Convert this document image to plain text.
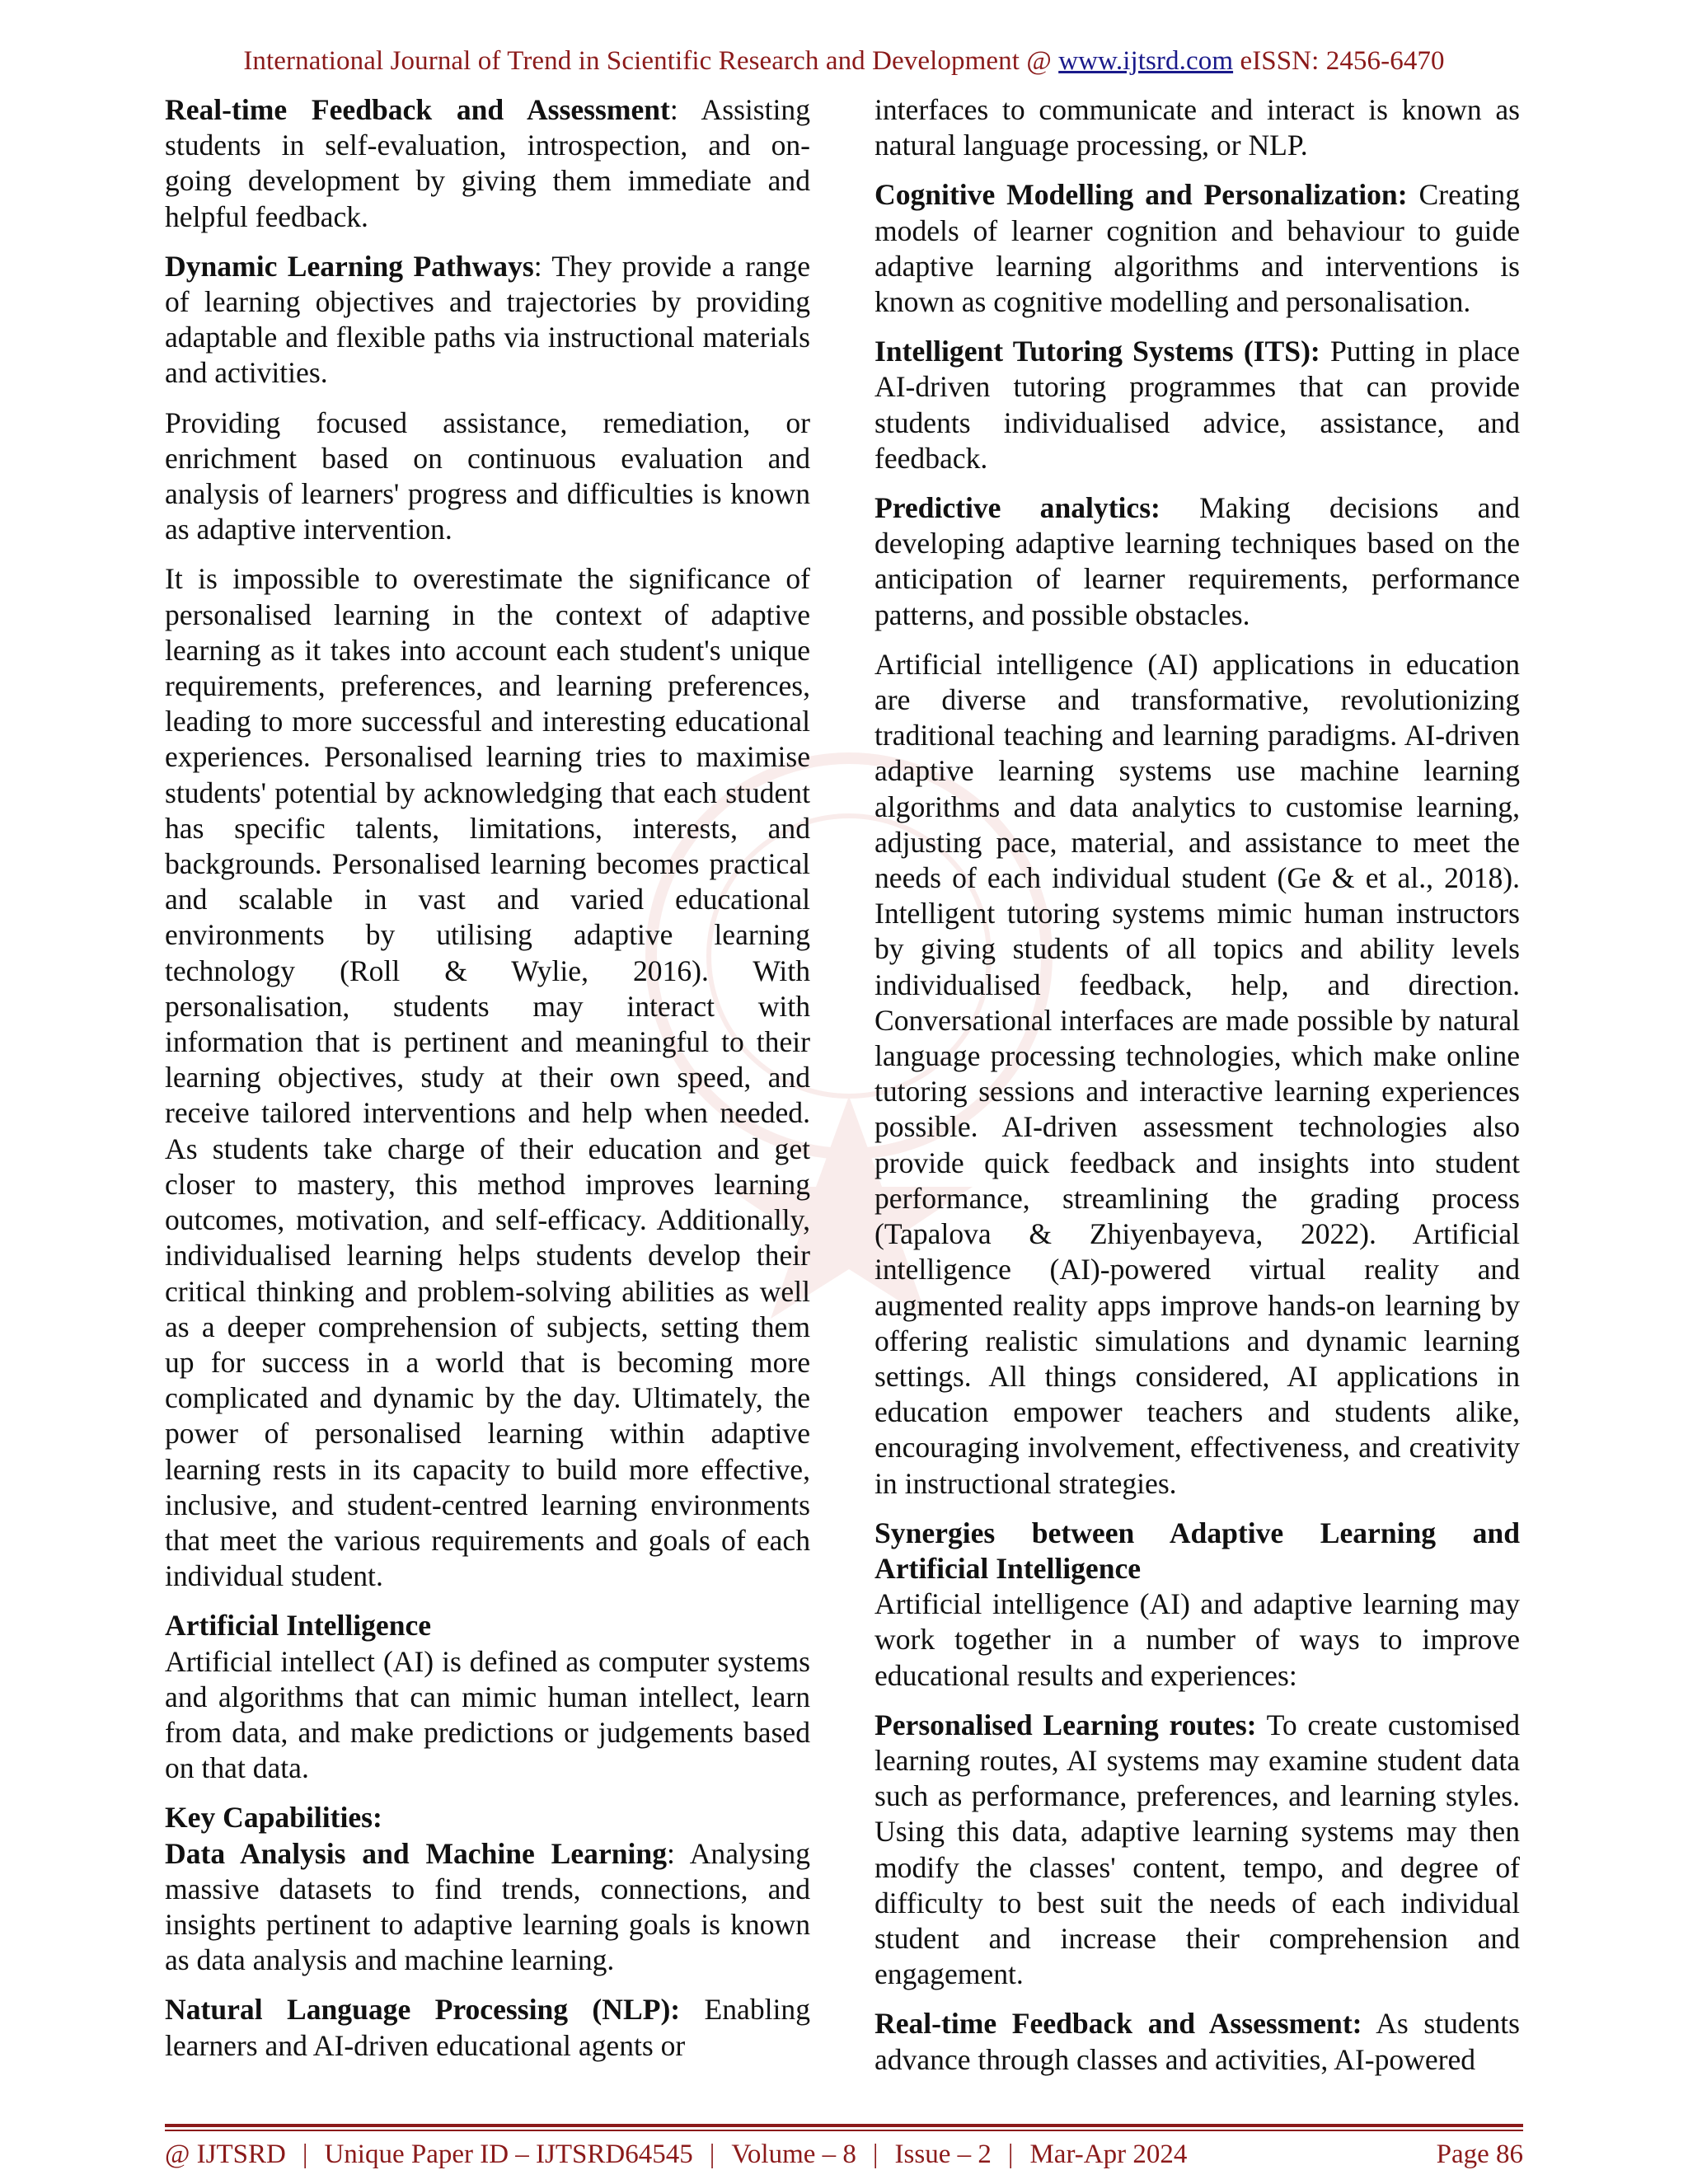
International Journal of Trend in Scientific Research and Development @ www.ijtsrd.com eISSN: 2456-6470

Real-time Feedback and Assessment: Assisting students in self-evaluation, introspection, and on-going development by giving them immediate and helpful feedback.

Dynamic Learning Pathways: They provide a range of learning objectives and trajectories by providing adaptable and flexible paths via instructional materials and activities.

Providing focused assistance, remediation, or enrichment based on continuous evaluation and analysis of learners' progress and difficulties is known as adaptive intervention.

It is impossible to overestimate the significance of personalised learning in the context of adaptive learning as it takes into account each student's unique requirements, preferences, and learning preferences, leading to more successful and interesting educational experiences. Personalised learning tries to maximise students' potential by acknowledging that each student has specific talents, limitations, interests, and backgrounds. Personalised learning becomes practical and scalable in vast and varied educational environments by utilising adaptive learning technology (Roll & Wylie, 2016). With personalisation, students may interact with information that is pertinent and meaningful to their learning objectives, study at their own speed, and receive tailored interventions and help when needed. As students take charge of their education and get closer to mastery, this method improves learning outcomes, motivation, and self-efficacy. Additionally, individualised learning helps students develop their critical thinking and problem-solving abilities as well as a deeper comprehension of subjects, setting them up for success in a world that is becoming more complicated and dynamic by the day. Ultimately, the power of personalised learning within adaptive learning rests in its capacity to build more effective, inclusive, and student-centred learning environments that meet the various requirements and goals of each individual student.

Artificial Intelligence

Artificial intellect (AI) is defined as computer systems and algorithms that can mimic human intellect, learn from data, and make predictions or judgements based on that data.

Key Capabilities:

Data Analysis and Machine Learning: Analysing massive datasets to find trends, connections, and insights pertinent to adaptive learning goals is known as data analysis and machine learning.

Natural Language Processing (NLP): Enabling learners and AI-driven educational agents or

interfaces to communicate and interact is known as natural language processing, or NLP.

Cognitive Modelling and Personalization: Creating models of learner cognition and behaviour to guide adaptive learning algorithms and interventions is known as cognitive modelling and personalisation.

Intelligent Tutoring Systems (ITS): Putting in place AI-driven tutoring programmes that can provide students individualised advice, assistance, and feedback.

Predictive analytics: Making decisions and developing adaptive learning techniques based on the anticipation of learner requirements, performance patterns, and possible obstacles.

Artificial intelligence (AI) applications in education are diverse and transformative, revolutionizing traditional teaching and learning paradigms. AI-driven adaptive learning systems use machine learning algorithms and data analytics to customise learning, adjusting pace, material, and assistance to meet the needs of each individual student (Ge & et al., 2018). Intelligent tutoring systems mimic human instructors by giving students of all topics and ability levels individualised feedback, help, and direction. Conversational interfaces are made possible by natural language processing technologies, which make online tutoring sessions and interactive learning experiences possible. AI-driven assessment technologies also provide quick feedback and insights into student performance, streamlining the grading process (Tapalova & Zhiyenbayeva, 2022). Artificial intelligence (AI)-powered virtual reality and augmented reality apps improve hands-on learning by offering realistic simulations and dynamic learning settings. All things considered, AI applications in education empower teachers and students alike, encouraging involvement, effectiveness, and creativity in instructional strategies.

Synergies between Adaptive Learning and Artificial Intelligence

Artificial intelligence (AI) and adaptive learning may work together in a number of ways to improve educational results and experiences:

Personalised Learning routes: To create customised learning routes, AI systems may examine student data such as performance, preferences, and learning styles. Using this data, adaptive learning systems may then modify the classes' content, tempo, and degree of difficulty to best suit the needs of each individual student and increase their comprehension and engagement.

Real-time Feedback and Assessment: As students advance through classes and activities, AI-powered

@ IJTSRD | Unique Paper ID – IJTSRD64545 | Volume – 8 | Issue – 2 | Mar-Apr 2024	Page 86
